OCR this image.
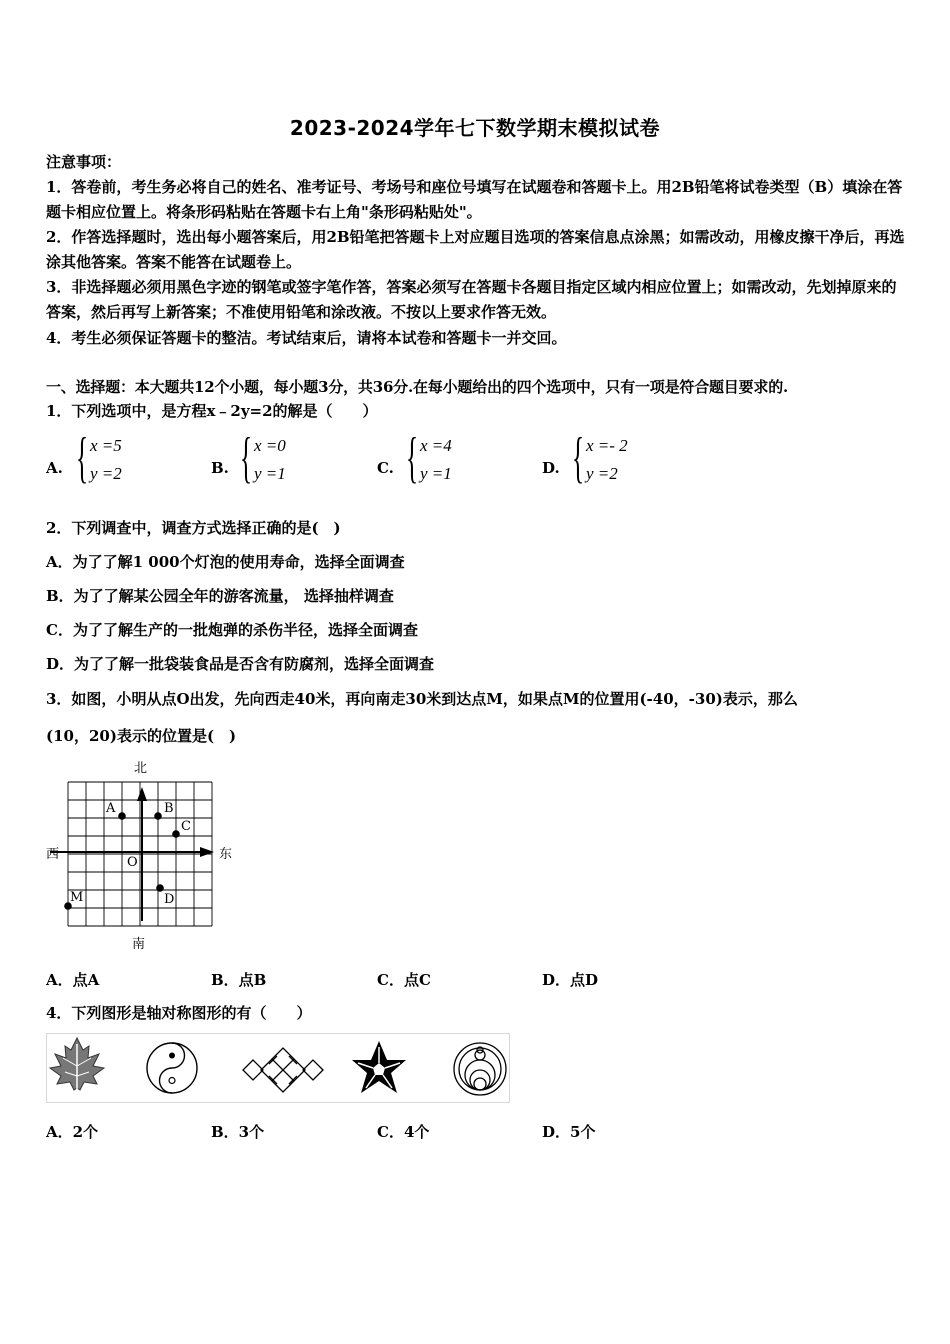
2023-2024学年七下数学期末模拟试卷
注意事项：
1．答卷前，考生务必将自己的姓名、准考证号、考场号和座位号填写在试题卷和答题卡上。用2B铅笔将试卷类型（B）填涂在答题卡相应位置上。将条形码粘贴在答题卡右上角"条形码粘贴处"。
2．作答选择题时，选出每小题答案后，用2B铅笔把答题卡上对应题目选项的答案信息点涂黑；如需改动，用橡皮擦干净后，再选涂其他答案。答案不能答在试题卷上。
3．非选择题必须用黑色字迹的钢笔或签字笔作答，答案必须写在答题卡各题目指定区域内相应位置上；如需改动，先划掉原来的答案，然后再写上新答案；不准使用铅笔和涂改液。不按以上要求作答无效。
4．考生必须保证答题卡的整洁。考试结束后，请将本试卷和答题卡一并交回。
一、选择题：本大题共12个小题，每小题3分，共36分.在每小题给出的四个选项中，只有一项是符合题目要求的.
1．下列选项中，是方程x﹣2y=2的解是（　　）
A. { x =5
y =2	B. { x =0
y =1	C. { x =4
y =1	D. { x =- 2
y =2
2．下列调查中，调查方式选择正确的是(　)
A．为了了解1 000个灯泡的使用寿命，选择全面调查
B．为了了解某公园全年的游客流量， 选择抽样调查
C．为了了解生产的一批炮弹的杀伤半径，选择全面调查
D．为了了解一批袋装食品是否含有防腐剂，选择全面调查
3．如图，小明从点O出发，先向西走40米，再向南走30米到达点M，如果点M的位置用(-40，-30)表示，那么
(10，20)表示的位置是(　)
北
南
西	东
A	B
C
D
O
M
A．点A	B．点B	C．点C	D．点D
4．下列图形是轴对称图形的有（　　）
A．2个	B．3个	C．4个	D．5个
